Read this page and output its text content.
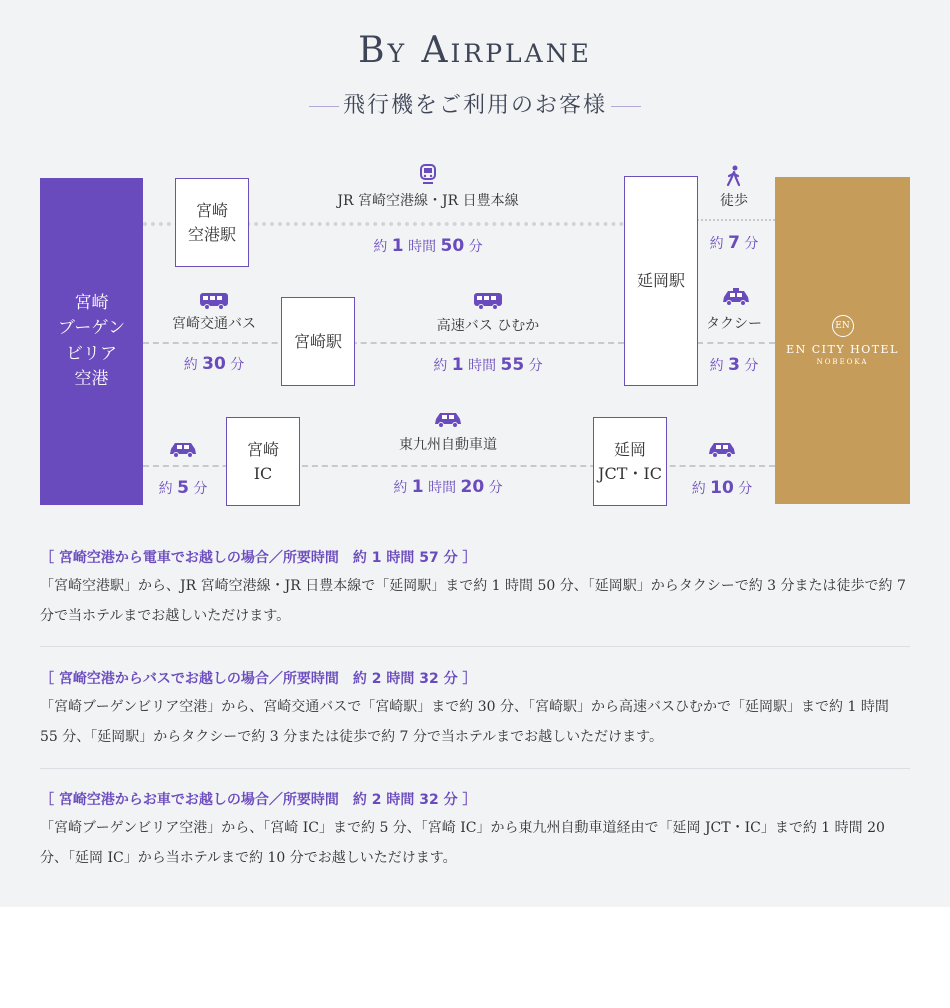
By Airplane
飛行機をご利用のお客様
宮崎
ブーゲン
ビリア
空港
EN
EN CITY HOTEL
NOBEOKA
宮崎
空港駅
宮崎駅
宮崎
IC
延岡駅
延岡
JCT・IC
JR 宮崎空港線・JR 日豊本線
約 1 時間 50 分
徒歩
約 7 分
宮崎交通バス
約 30 分
高速バス ひむか
約 1 時間 55 分
タクシー
約 3 分
約 5 分
東九州自動車道
約 1 時間 20 分	約 10 分
［ 宮崎空港から電車でお越しの場合／所要時間　約 1 時間 57 分 ］
「宮崎空港駅」から、JR 宮崎空港線・JR 日豊本線で「延岡駅」まで約 1 時間 50 分、「延岡駅」からタクシーで約 3 分または徒歩で約 7 分で当ホテルまでお越しいただけます。
［ 宮崎空港からバスでお越しの場合／所要時間　約 2 時間 32 分 ］
「宮崎ブーゲンビリア空港」から、宮崎交通バスで「宮崎駅」まで約 30 分、「宮崎駅」から高速バスひむかで「延岡駅」まで約 1 時間 55 分、「延岡駅」からタクシーで約 3 分または徒歩で約 7 分で当ホテルまでお越しいただけます。
［ 宮崎空港からお車でお越しの場合／所要時間　約 2 時間 32 分 ］
「宮崎ブーゲンビリア空港」から、「宮崎 IC」まで約 5 分、「宮崎 IC」から東九州自動車道経由で「延岡 JCT・IC」まで約 1 時間 20 分、「延岡 IC」から当ホテルまで約 10 分でお越しいただけます。
